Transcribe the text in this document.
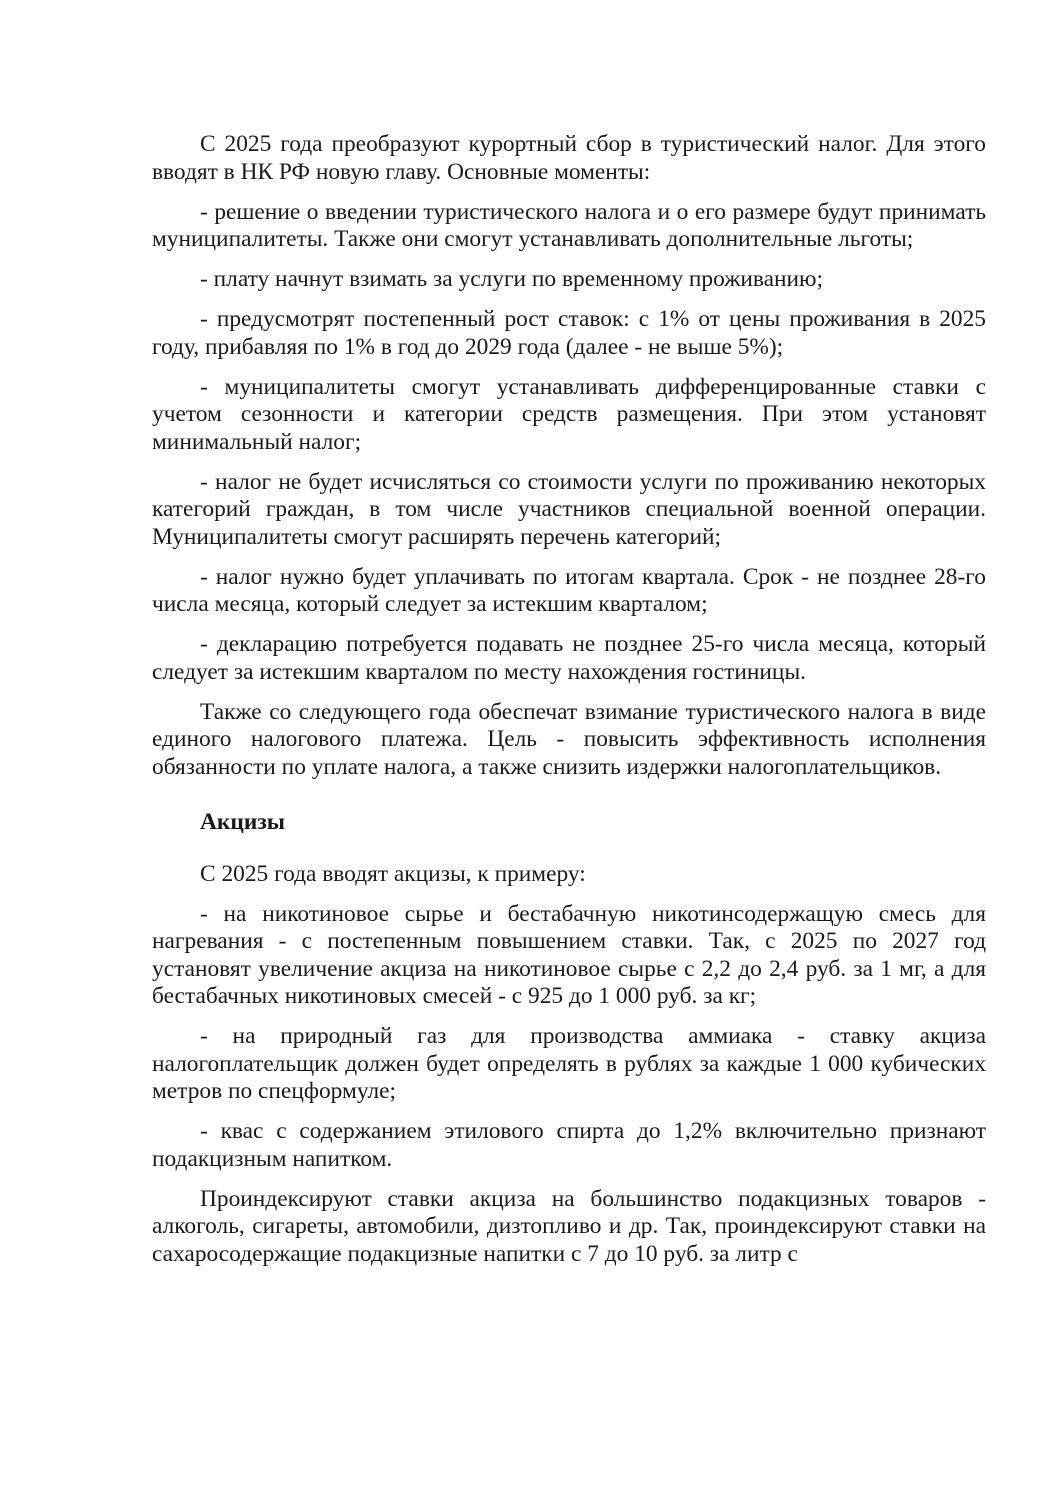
С 2025 года преобразуют курортный сбор в туристический налог. Для этого вводят в НК РФ новую главу. Основные моменты:

- решение о введении туристического налога и о его размере будут принимать муниципалитеты. Также они смогут устанавливать дополнительные льготы;

- плату начнут взимать за услуги по временному проживанию;

- предусмотрят постепенный рост ставок: с 1% от цены проживания в 2025 году, прибавляя по 1% в год до 2029 года (далее - не выше 5%);

- муниципалитеты смогут устанавливать дифференцированные ставки с учетом сезонности и категории средств размещения. При этом установят минимальный налог;

- налог не будет исчисляться со стоимости услуги по проживанию некоторых категорий граждан, в том числе участников специальной военной операции. Муниципалитеты смогут расширять перечень категорий;

- налог нужно будет уплачивать по итогам квартала. Срок - не позднее 28-го числа месяца, который следует за истекшим кварталом;

- декларацию потребуется подавать не позднее 25-го числа месяца, который следует за истекшим кварталом по месту нахождения гостиницы.

Также со следующего года обеспечат взимание туристического налога в виде единого налогового платежа. Цель - повысить эффективность исполнения обязанности по уплате налога, а также снизить издержки налогоплательщиков.

Акцизы

С 2025 года вводят акцизы, к примеру:

- на никотиновое сырье и бестабачную никотинсодержащую смесь для нагревания - с постепенным повышением ставки. Так, с 2025 по 2027 год установят увеличение акциза на никотиновое сырье с 2,2 до 2,4 руб. за 1 мг, а для бестабачных никотиновых смесей - с 925 до 1 000 руб. за кг;

- на природный газ для производства аммиака - ставку акциза налогоплательщик должен будет определять в рублях за каждые 1 000 кубических метров по спецформуле;

- квас с содержанием этилового спирта до 1,2% включительно признают подакцизным напитком.

Проиндексируют ставки акциза на большинство подакцизных товаров - алкоголь, сигареты, автомобили, дизтопливо и др. Так, проиндексируют ставки на сахаросодержащие подакцизные напитки с 7 до 10 руб. за литр с
